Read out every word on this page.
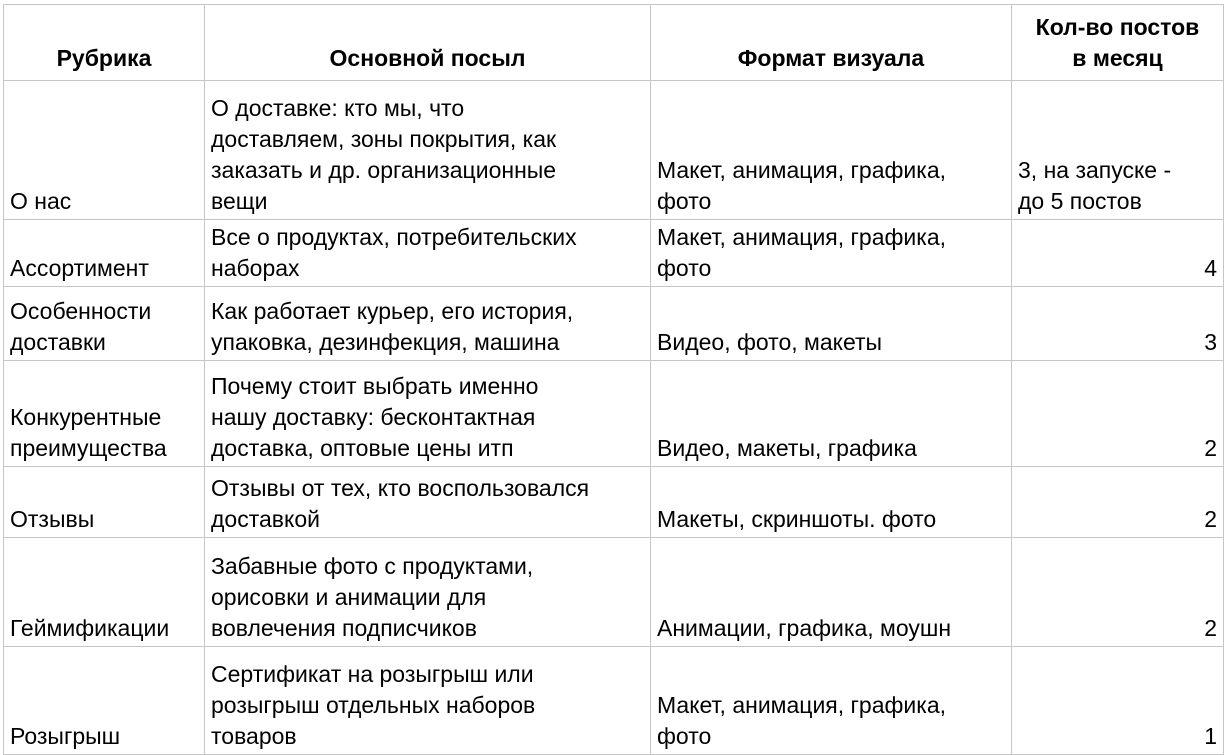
Рубрика	Основной посыл	Формат визуала	Кол-во постов
в месяц

О нас	О доставке: кто мы, что
доставляем, зоны покрытия, как
заказать и др. организационные
вещи	Макет, анимация, графика,
фото	3, на запуске -
до 5 постов

Ассортимент	Все о продуктах, потребительских
наборах	Макет, анимация, графика,
фото	4

Особенности
доставки	Как работает курьер, его история,
упаковка, дезинфекция, машина	Видео, фото, макеты	3

Конкурентные
преимущества	Почему стоит выбрать именно
нашу доставку: бесконтактная
доставка, оптовые цены итп	Видео, макеты, графика	2

Отзывы	Отзывы от тех, кто воспользовался
доставкой	Макеты, скриншоты. фото	2

Геймификации	Забавные фото с продуктами,
орисовки и анимации для
вовлечения подписчиков	Анимации, графика, моушн	2

Розыгрыш	Сертификат на розыгрыш или
розыгрыш отдельных наборов
товаров	Макет, анимация, графика,
фото	1
